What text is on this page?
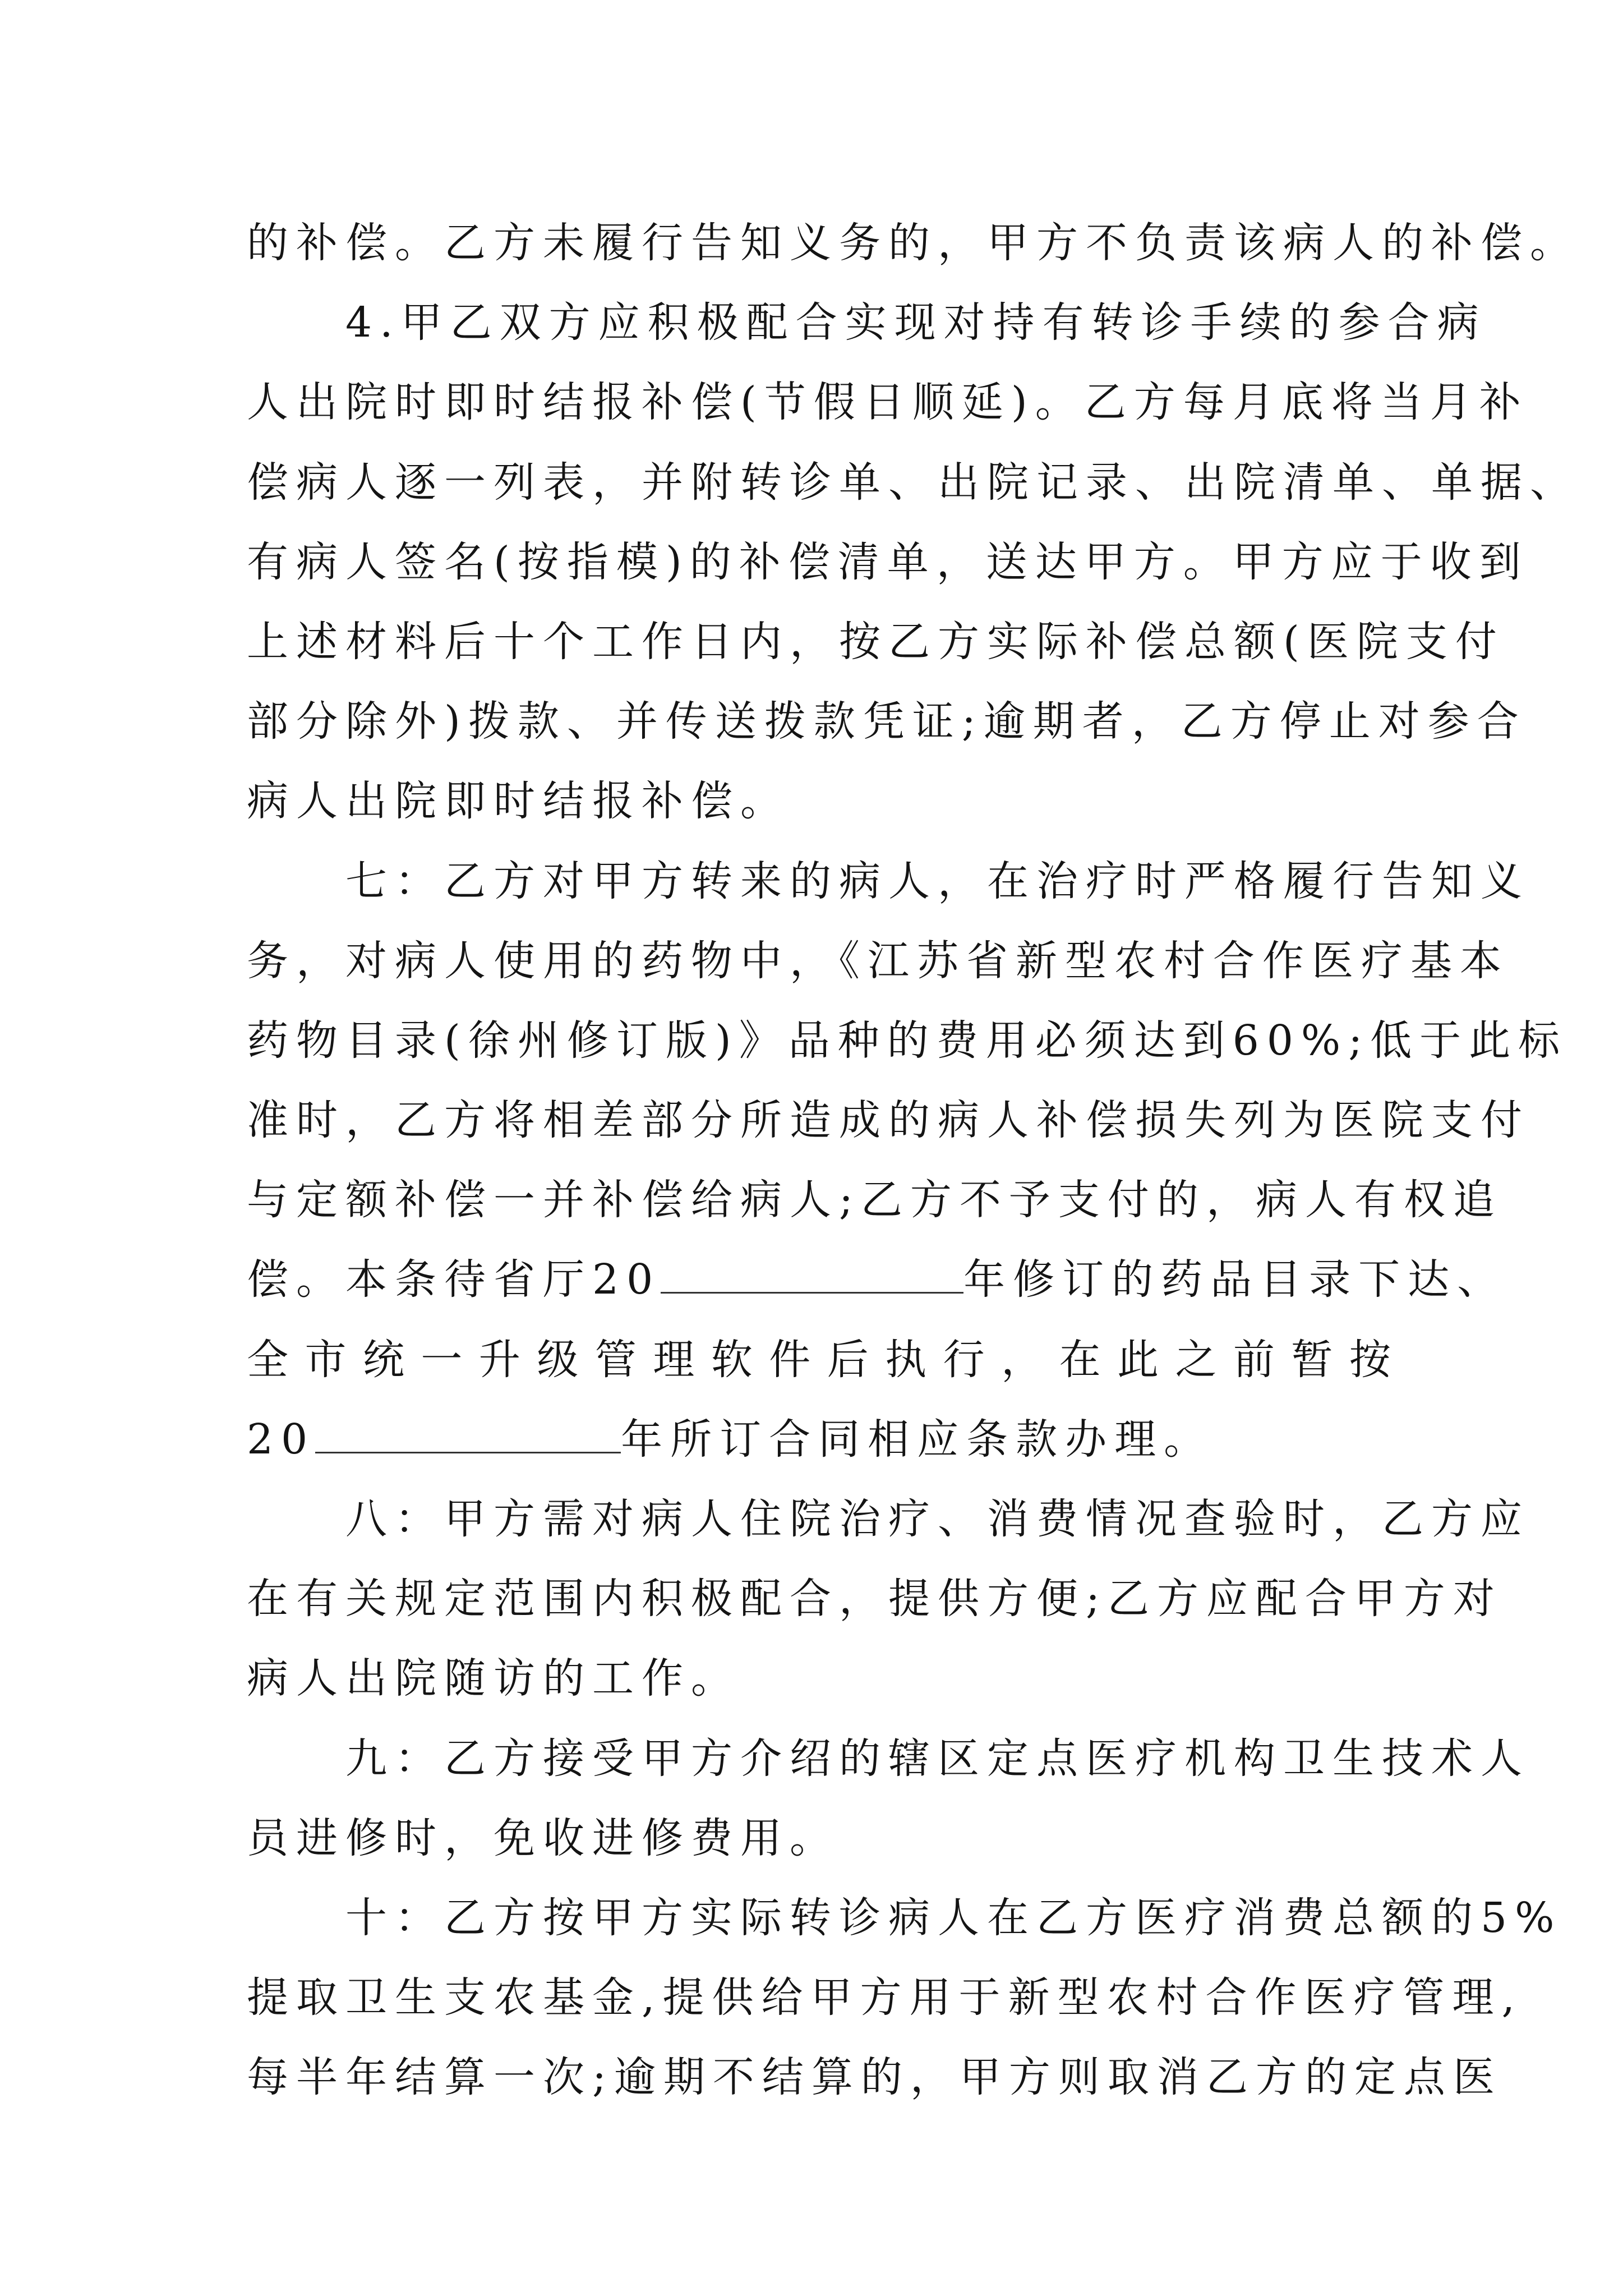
的补偿。乙方未履行告知义务的，甲方不负责该病人的补偿。
4.甲乙双方应积极配合实现对持有转诊手续的参合病
人出院时即时结报补偿(节假日顺延)。乙方每月底将当月补
偿病人逐一列表，并附转诊单、出院记录、出院清单、单据、
有病人签名(按指模)的补偿清单，送达甲方。甲方应于收到
上述材料后十个工作日内，按乙方实际补偿总额(医院支付
部分除外)拨款、并传送拨款凭证;逾期者，乙方停止对参合
病人出院即时结报补偿。
七：乙方对甲方转来的病人，在治疗时严格履行告知义
务，对病人使用的药物中，《江苏省新型农村合作医疗基本
药物目录(徐州修订版)》品种的费用必须达到60%;低于此标
准时，乙方将相差部分所造成的病人补偿损失列为医院支付
与定额补偿一并补偿给病人;乙方不予支付的，病人有权追
偿。本条待省厅20	年修订的药品目录下达、
全 市 统 一 升 级 管 理 软 件 后 执 行 ， 在 此 之 前 暂 按
20	年所订合同相应条款办理。
八：甲方需对病人住院治疗、消费情况查验时，乙方应
在有关规定范围内积极配合，提供方便;乙方应配合甲方对
病人出院随访的工作。
九：乙方接受甲方介绍的辖区定点医疗机构卫生技术人
员进修时，免收进修费用。
十：乙方按甲方实际转诊病人在乙方医疗消费总额的5%
提取卫生支农基金,提供给甲方用于新型农村合作医疗管理,
每半年结算一次;逾期不结算的，甲方则取消乙方的定点医
